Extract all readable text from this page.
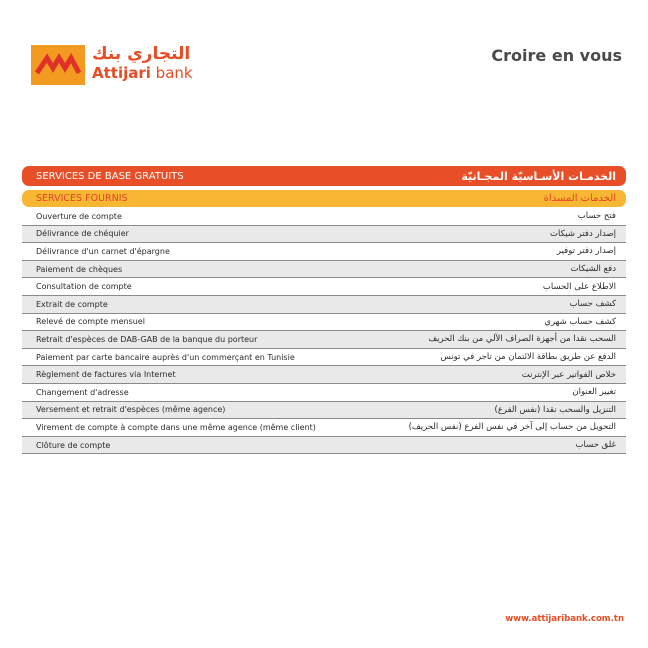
التجاري بنك
Attijari bank
Croire en vous
SERVICES DE BASE GRATUITS	الخدمـات الأسـاسيّة المجـانيّة
SERVICES FOURNIS	الخدمات المسداة
Ouverture de compte	فتح حساب
Délivrance de chéquier	إصدار دفتر شيكات
Délivrance d'un carnet d'épargne	إصدار دفتر توفير
Paiement de chèques	دفع الشيكات
Consultation de compte	الاطلاع على الحساب
Extrait de compte	كشف حساب
Relevé de compte mensuel	كشف حساب شهري
Retrait d'espèces de DAB-GAB de la banque du porteur	السحب نقدا من أجهزة الصراف الآلي من بنك الحريف
Paiement par carte bancaire auprès d'un commerçant en Tunisie	الدفع عن طريق بطاقة الائتمان من تاجر في تونس
Règlement de factures via Internet	خلاص الفواتير عبر الإنترنت
Changement d'adresse	تغيير العنوان
Versement et retrait d'espèces (même agence)	التنزيل والسحب نقدا (نفس الفرع)
Virement de compte à compte dans une même agence (même client)	التحويل من حساب إلى آخر في نفس الفرع (نفس الحريف)
Clôture de compte	غلق حساب
www.attijaribank.com.tn
